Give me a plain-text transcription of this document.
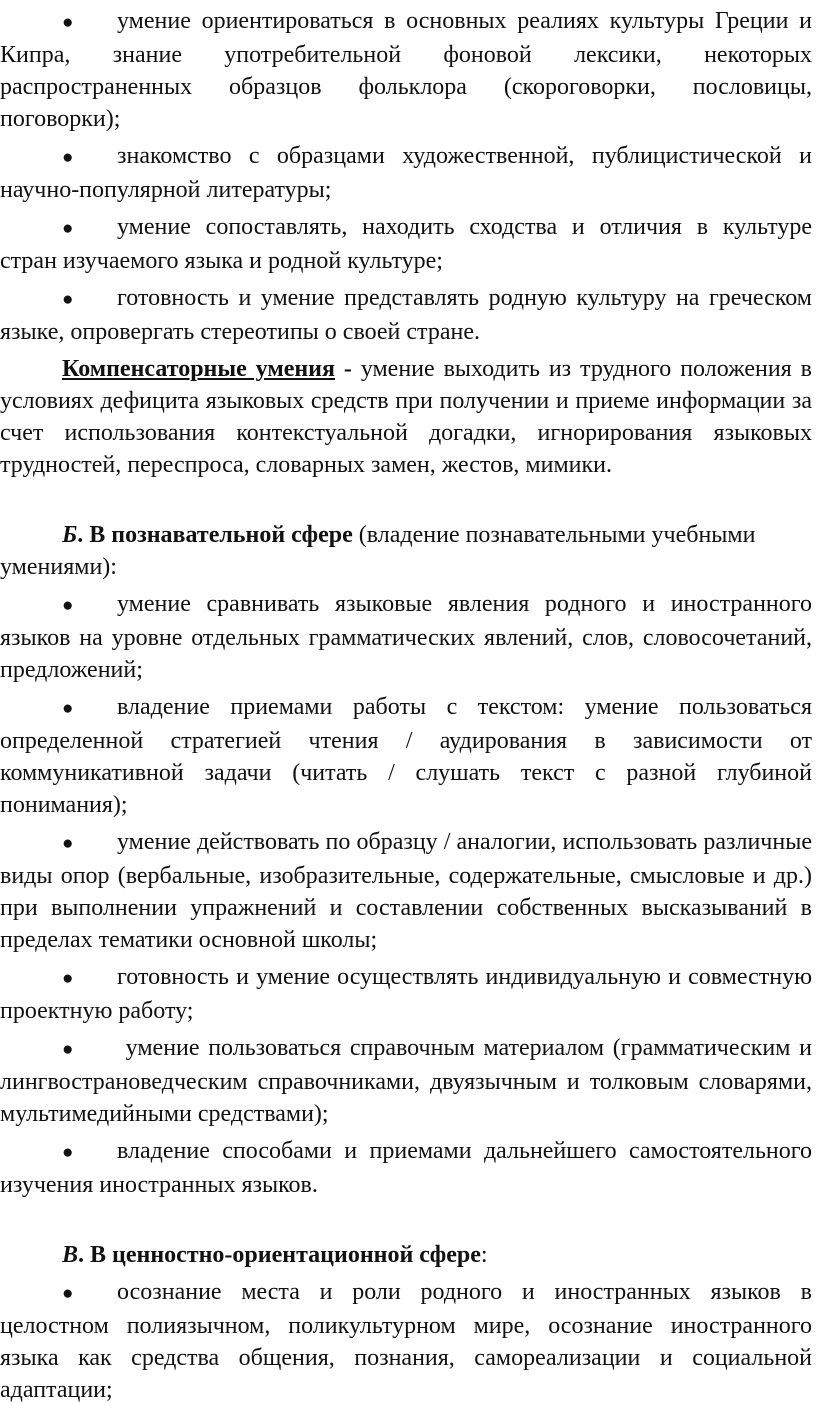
● умение ориентироваться в основных реалиях культуры Греции и Кипра, знание употребительной фоновой лексики, некоторых распространенных образцов фольклора (скороговорки, пословицы, поговорки);

● знакомство с образцами художественной, публицистической и научно-популярной литературы;

● умение сопоставлять, находить сходства и отличия в культуре стран изучаемого языка и родной культуре;

● готовность и умение представлять родную культуру на греческом языке, опровергать стереотипы о своей стране.

Компенсаторные умения - умение выходить из трудного положения в условиях дефицита языковых средств при получении и приеме информации за счет использования контекстуальной догадки, игнорирования языковых трудностей, переспроса, словарных замен, жестов, мимики.

Б. В познавательной сфере (владение познавательными учебными умениями):

● умение сравнивать языковые явления родного и иностранного языков на уровне отдельных грамматических явлений, слов, словосочетаний, предложений;

● владение приемами работы с текстом: умение пользоваться определенной стратегией чтения / аудирования в зависимости от коммуникативной задачи (читать / слушать текст с разной глубиной понимания);

● умение действовать по образцу / аналогии, использовать различные виды опор (вербальные, изобразительные, содержательные, смысловые и др.) при выполнении упражнений и составлении собственных высказываний в пределах тематики основной школы;

● готовность и умение осуществлять индивидуальную и совместную проектную работу;

● умение пользоваться справочным материалом (грамматическим и лингвострановедческим справочниками, двуязычным и толковым словарями, мультимедийными средствами);

● владение способами и приемами дальнейшего самостоятельного изучения иностранных языков.

В. В ценностно-ориентационной сфере:

● осознание места и роли родного и иностранных языков в целостном полиязычном, поликультурном мире, осознание иностранного языка как средства общения, познания, самореализации и социальной адаптации;
